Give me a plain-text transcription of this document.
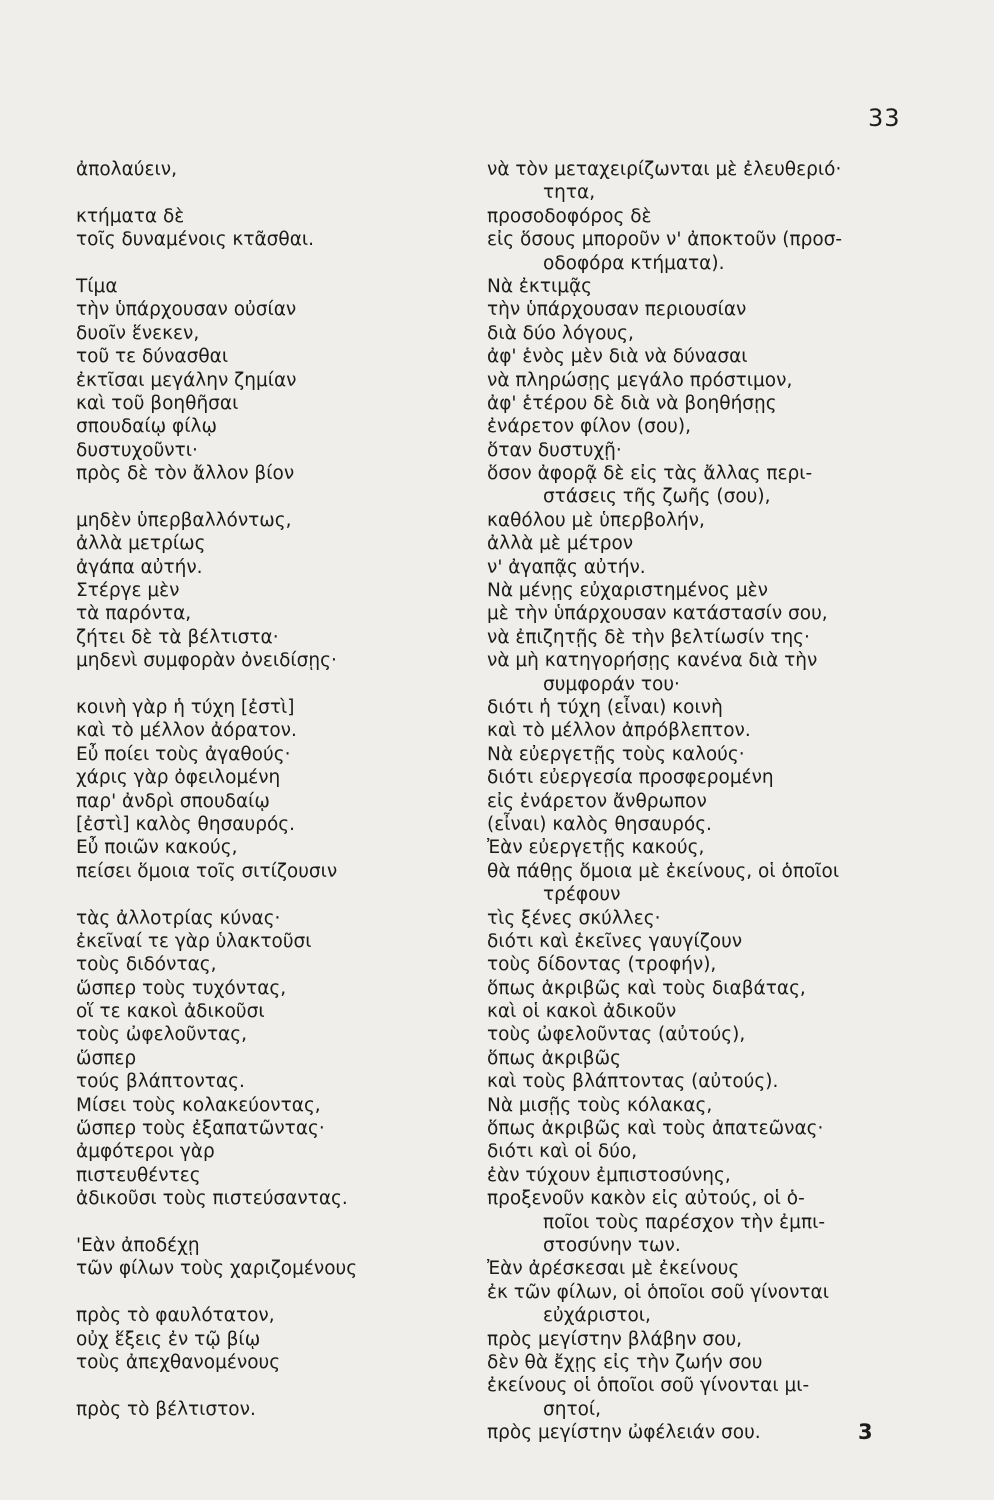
33
ἀπολαύειν,
κτήματα δὲ
τοῖς δυναμένοις κτᾶσθαι.
Τίμα
τὴν ὑπάρχουσαν οὐσίαν
δυοῖν ἕνεκεν,
τοῦ τε δύνασθαι
ἐκτῖσαι μεγάλην ζημίαν
καὶ τοῦ βοηθῆσαι
σπουδαίῳ φίλῳ
δυστυχοῦντι·
πρὸς δὲ τὸν ἄλλον βίον
μηδὲν ὑπερβαλλόντως,
ἀλλὰ μετρίως
ἀγάπα αὐτήν.
Στέργε μὲν
τὰ παρόντα,
ζήτει δὲ τὰ βέλτιστα·
μηδενὶ συμφορὰν ὀνειδίσῃς·
κοινὴ γὰρ ἡ τύχη [ἐστὶ]
καὶ τὸ μέλλον ἀόρατον.
Εὖ ποίει τοὺς ἀγαθούς·
χάρις γὰρ ὀφειλομένη
παρ' ἀνδρὶ σπουδαίῳ
[ἐστὶ] καλὸς θησαυρός.
Εὖ ποιῶν κακούς,
πείσει ὅμοια τοῖς σιτίζουσιν
τὰς ἀλλοτρίας κύνας·
ἐκεῖναί τε γὰρ ὑλακτοῦσι
τοὺς διδόντας,
ὥσπερ τοὺς τυχόντας,
οἵ τε κακοὶ ἀδικοῦσι
τοὺς ὠφελοῦντας,
ὥσπερ
τούς βλάπτοντας.
Μίσει τοὺς κολακεύοντας,
ὥσπερ τοὺς ἐξαπατῶντας·
ἀμφότεροι γὰρ
πιστευθέντες
ἀδικοῦσι τοὺς πιστεύσαντας.
'Εὰν ἀποδέχῃ
τῶν φίλων τοὺς χαριζομένους
πρὸς τὸ φαυλότατον,
οὐχ ἕξεις ἐν τῷ βίῳ
τοὺς ἀπεχθανομένους
πρὸς τὸ βέλτιστον.
νὰ τὸν μεταχειρίζωνται μὲ ἐλευθεριό·
τητα,
προσοδοφόρος δὲ
εἰς ὅσους μποροῦν ν' ἀποκτοῦν (προσ-
οδοφόρα κτήματα).
Νὰ ἐκτιμᾷς
τὴν ὑπάρχουσαν περιουσίαν
διὰ δύο λόγους,
ἀφ' ἑνὸς μὲν διὰ νὰ δύνασαι
νὰ πληρώσῃς μεγάλο πρόστιμον,
ἀφ' ἑτέρου δὲ διὰ νὰ βοηθήσῃς
ἐνάρετον φίλον (σου),
ὅταν δυστυχῇ·
ὅσον ἀφορᾷ δὲ εἰς τὰς ἄλλας περι-
στάσεις τῆς ζωῆς (σου),
καθόλου μὲ ὑπερβολήν,
ἀλλὰ μὲ μέτρον
ν' ἀγαπᾷς αὐτήν.
Νὰ μένῃς εὐχαριστημένος μὲν
μὲ τὴν ὑπάρχουσαν κατάστασίν σου,
νὰ ἐπιζητῇς δὲ τὴν βελτίωσίν της·
νὰ μὴ κατηγορήσῃς κανένα διὰ τὴν
συμφοράν του·
διότι ἡ τύχη (εἶναι) κοινὴ
καὶ τὸ μέλλον ἀπρόβλεπτον.
Νὰ εὐεργετῇς τοὺς καλούς·
διότι εὐεργεσία προσφερομένη
εἰς ἐνάρετον ἄνθρωπον
(εἶναι) καλὸς θησαυρός.
Ἐὰν εὐεργετῇς κακούς,
θὰ πάθῃς ὅμοια μὲ ἐκείνους, οἱ ὁποῖοι
τρέφουν
τὶς ξένες σκύλλες·
διότι καὶ ἐκεῖνες γαυγίζουν
τοὺς δίδοντας (τροφήν),
ὅπως ἀκριβῶς καὶ τοὺς διαβάτας,
καὶ οἱ κακοὶ ἀδικοῦν
τοὺς ὠφελοῦντας (αὐτούς),
ὅπως ἀκριβῶς
καὶ τοὺς βλάπτοντας (αὐτούς).
Νὰ μισῇς τοὺς κόλακας,
ὅπως ἀκριβῶς καὶ τοὺς ἀπατεῶνας·
διότι καὶ οἱ δύο,
ἐὰν τύχουν ἐμπιστοσύνης,
προξενοῦν κακὸν εἰς αὐτούς, οἱ ὁ-
ποῖοι τοὺς παρέσχον τὴν ἐμπι-
στοσύνην των.
Ἐὰν ἀρέσκεσαι μὲ ἐκείνους
ἐκ τῶν φίλων, οἱ ὁποῖοι σοῦ γίνονται
εὐχάριστοι,
πρὸς μεγίστην βλάβην σου,
δὲν θὰ ἔχῃς εἰς τὴν ζωήν σου
ἐκείνους οἱ ὁποῖοι σοῦ γίνονται μι-
σητοί,
πρὸς μεγίστην ὠφέλειάν σου.	3
